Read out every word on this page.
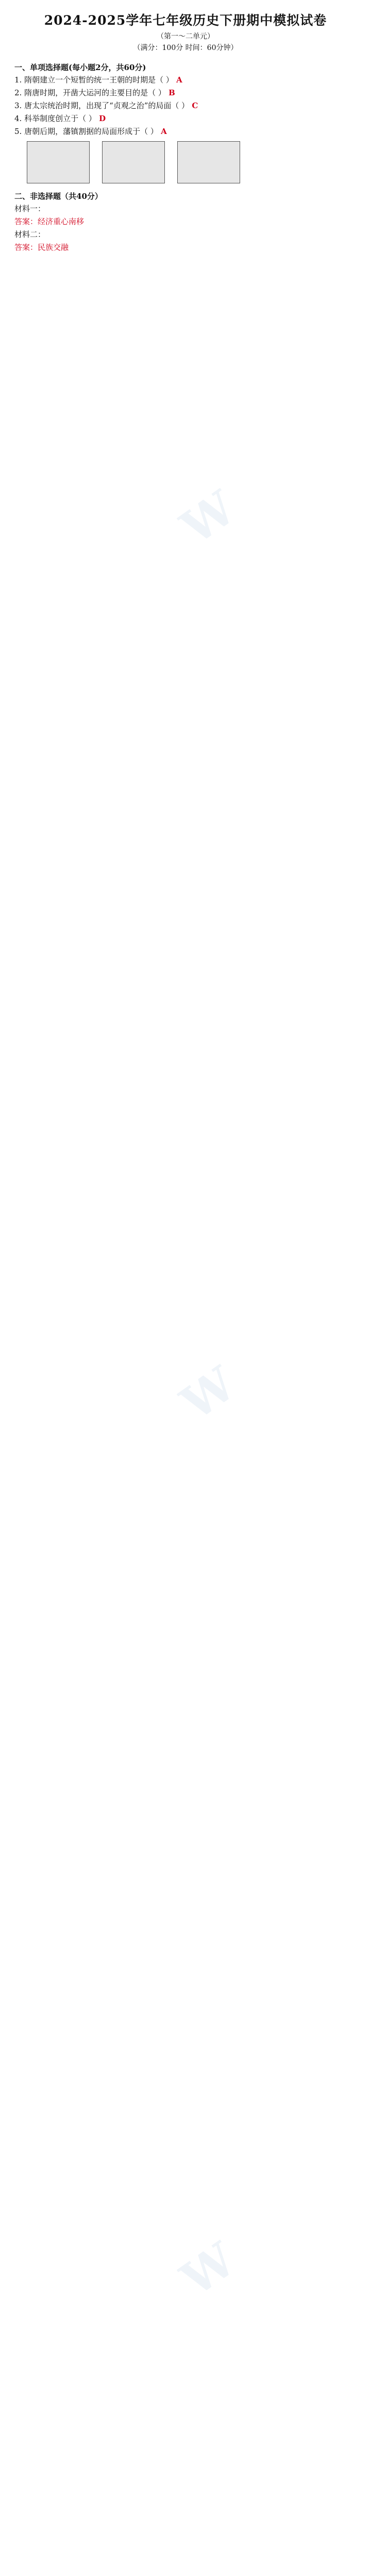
2024-2025学年七年级历史下册期中模拟试卷
（第一～二单元）
（满分：100分 时间：60分钟）
一、单项选择题(每小题2分，共60分)
1. 隋朝建立一个短暂的统一王朝的时期是（ ） A
2. 隋唐时期，开凿大运河的主要目的是（ ） B
3. 唐太宗统治时期，出现了“贞观之治”的局面（ ） C
4. 科举制度创立于（ ） D
5. 唐朝后期，藩镇割据的局面形成于（ ） A
二、非选择题（共40分）
材料一：
答案：经济重心南移
材料二：
答案：民族交融
W
W
W
